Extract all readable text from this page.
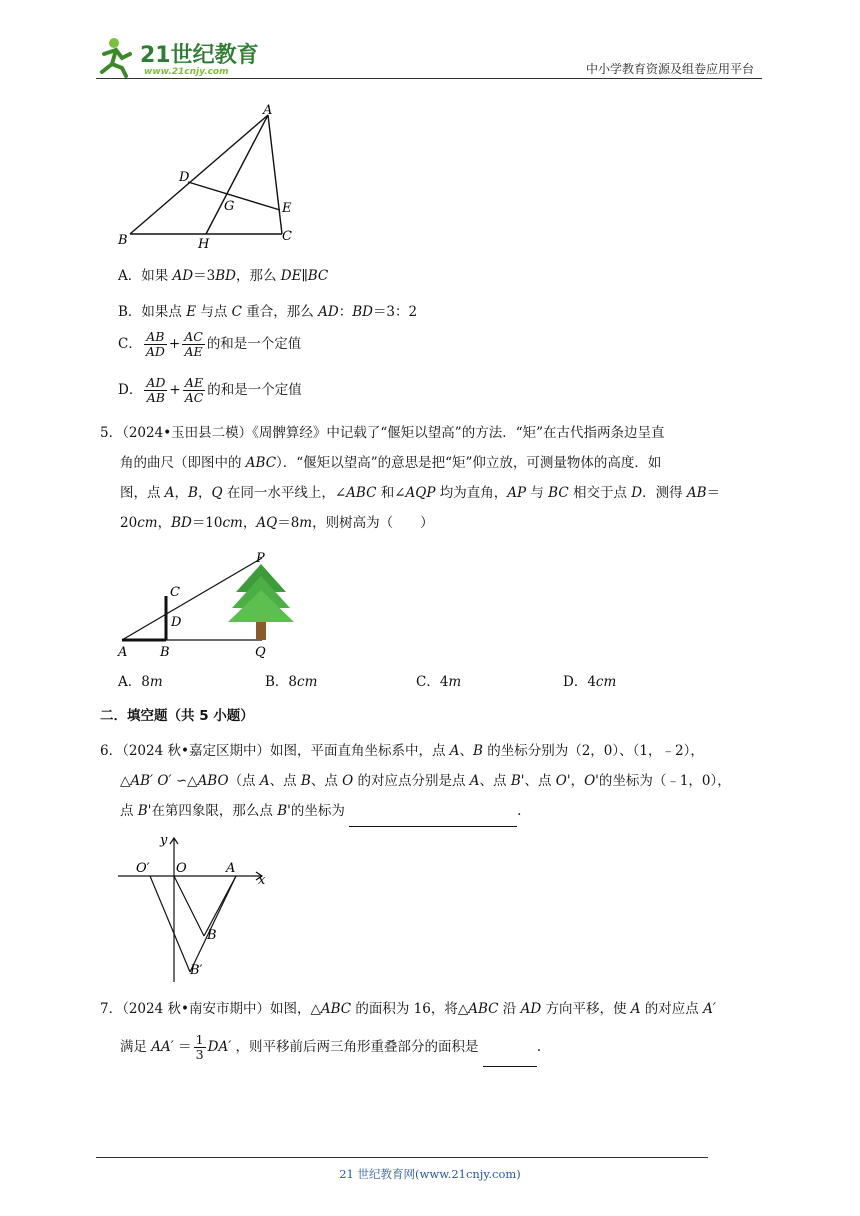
21世纪教育
www.21cnjy.com	中小学教育资源及组卷应用平台
A
D
G	E
B	H
C
A．如果 AD＝3BD，那么 DE∥BC
B．如果点 E 与点 C 重合，那么 AD：BD＝3：2
C． $\frac{AB}{AD} + \frac{AC}{AE}$ 的和是一个定值
D． $\frac{AD}{AB} + \frac{AE}{AC}$ 的和是一个定值
5．（2024•玉田县二模）《周髀算经》中记载了“偃矩以望高”的方法．“矩”在古代指两条边呈直
角的曲尺（即图中的 ABC）．“偃矩以望高”的意思是把“矩”仰立放，可测量物体的高度．如
图，点 A，B，Q 在同一水平线上，∠ABC 和∠AQP 均为直角，AP 与 BC 相交于点 D．测得 AB＝
20cm，BD＝10cm，AQ＝8m，则树高为（　　）
P
C
D
A	B	Q
A．8m	B．8cm	C．4m	D．4cm
二．填空题（共 5 小题）
6．（2024 秋•嘉定区期中）如图，平面直角坐标系中，点 A、B 的坐标分别为（2，0）、（1，﹣2），
△AB′ O′ ∽△ABO（点 A、点 B、点 O 的对应点分别是点 A、点 B'、点 O'，O'的坐标为（﹣1，0），
点 B'在第四象限，那么点 B'的坐标为	.
y
x
O′ O	A
B
B′
7．（2024 秋•南安市期中）如图，△ABC 的面积为 16，将△ABC 沿 AD 方向平移，使 A 的对应点 A′
满足 $AA' = \frac{1}{3} DA'$ ，则平移前后两三角形重叠部分的面积是	.
21 世纪教育网(www.21cnjy.com)
